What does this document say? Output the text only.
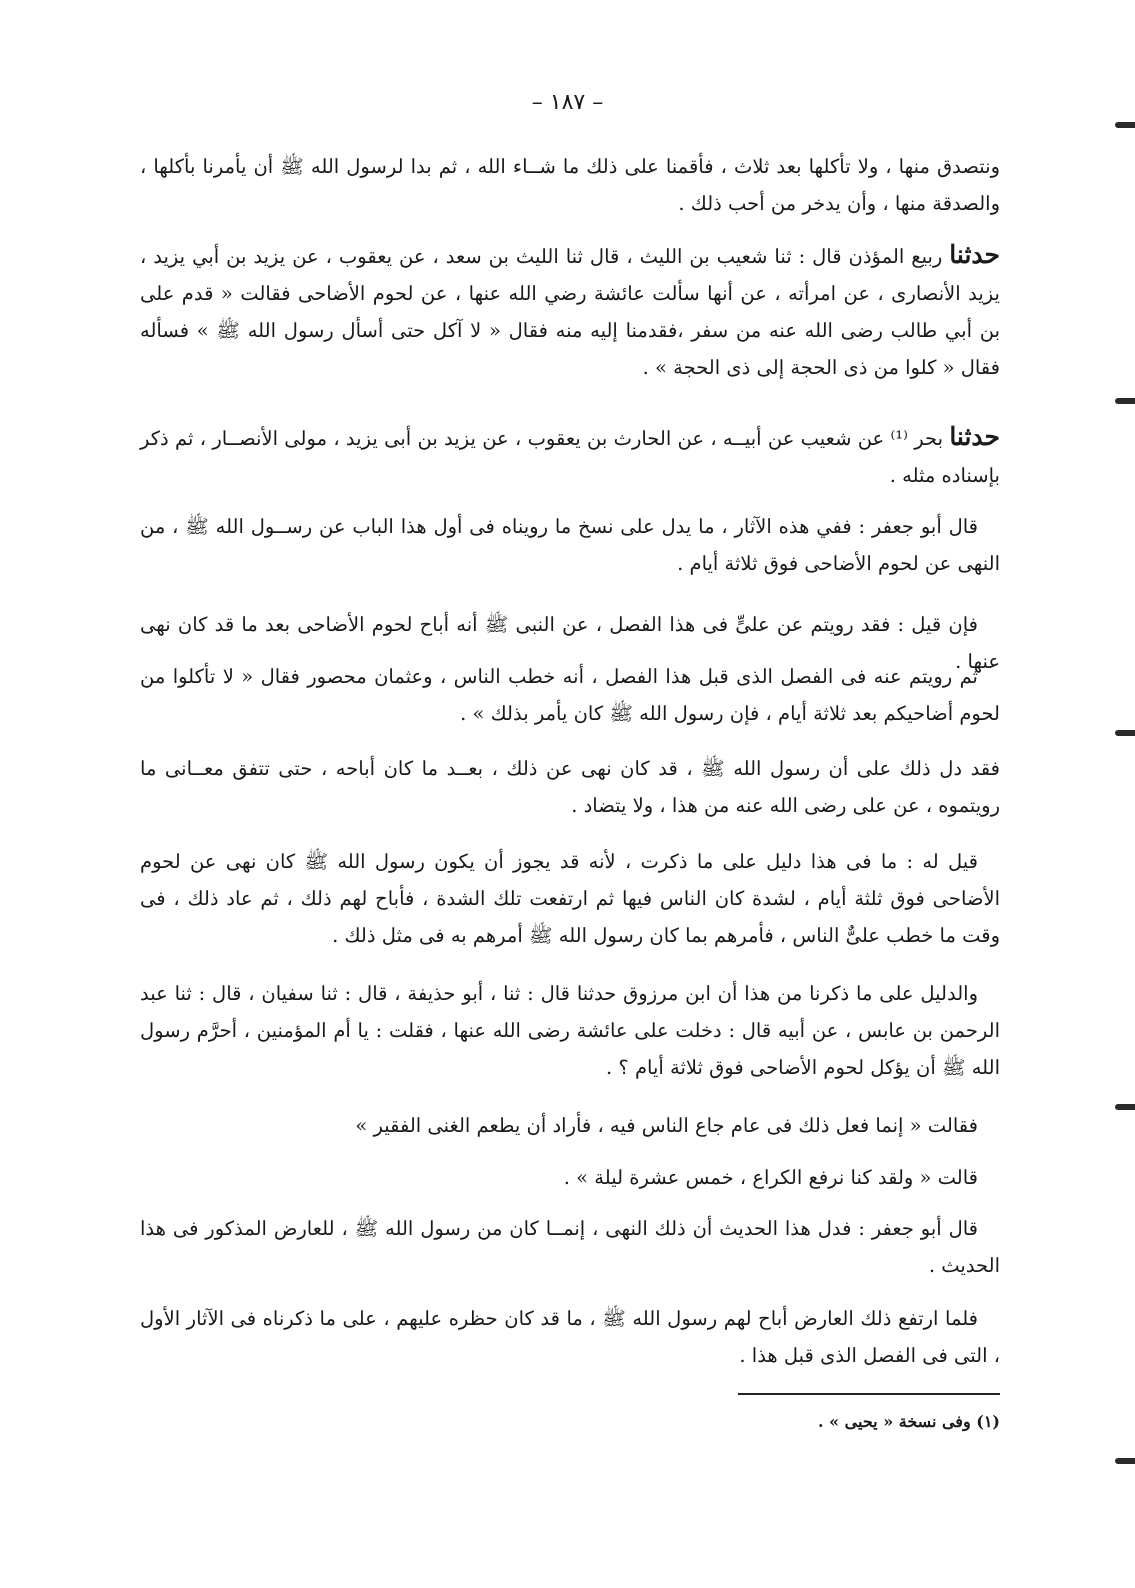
– ١٨٧ –

ونتصدق منها ، ولا تأكلها بعد ثلاث ، فأقمنا على ذلك ما شــاء الله ، ثم بدا لرسول الله ﷺ أن يأمرنا بأكلها ، والصدقة منها ، وأن يدخر من أحب ذلك .

حدثنا ربيع المؤذن قال : ثنا شعيب بن الليث ، قال ثنا الليث بن سعد ، عن يعقوب ، عن يزيد بن أبي يزيد ، يزيد الأنصارى ، عن امرأته ، عن أنها سألت عائشة رضي الله عنها ، عن لحوم الأضاحى فقالت « قدم على بن أبي طالب رضى الله عنه من سفر ،فقدمنا إليه منه فقال « لا آكل حتى أسأل رسول الله ﷺ » فسأله فقال « كلوا من ذى الحجة إلى ذى الحجة » .

حدثنا بحر ⁽¹⁾ عن شعيب عن أبيــه ، عن الحارث بن يعقوب ، عن يزيد بن أبى يزيد ، مولى الأنصــار ، ثم ذكر بإسناده مثله .

قال أبو جعفر : ففي هذه الآثار ، ما يدل على نسخ ما رويناه فى أول هذا الباب عن رســول الله ﷺ ، من النهى عن لحوم الأضاحى فوق ثلاثة أيام .

فإن قيل : فقد رويتم عن علىٍّ فى هذا الفصل ، عن النبى ﷺ أنه أباح لحوم الأضاحى بعد ما قد كان نهى عنها .

ثم رويتم عنه فى الفصل الذى قبل هذا الفصل ، أنه خطب الناس ، وعثمان محصور فقال « لا تأكلوا من لحوم أضاحيكم بعد ثلاثة أيام ، فإن رسول الله ﷺ كان يأمر بذلك » .

فقد دل ذلك على أن رسول الله ﷺ ، قد كان نهى عن ذلك ، بعــد ما كان أباحه ، حتى تتفق معــانى ما رويتموه ، عن على رضى الله عنه من هذا ، ولا يتضاد .

قيل له : ما فى هذا دليل على ما ذكرت ، لأنه قد يجوز أن يكون رسول الله ﷺ كان نهى عن لحوم الأضاحى فوق ثلثة أيام ، لشدة كان الناس فيها ثم ارتفعت تلك الشدة ، فأباح لهم ذلك ، ثم عاد ذلك ، فى وقت ما خطب علىٌّ الناس ، فأمرهم بما كان رسول الله ﷺ أمرهم به فى مثل ذلك .

والدليل على ما ذكرنا من هذا أن ابن مرزوق حدثنا قال : ثنا ، أبو حذيفة ، قال : ثنا سفيان ، قال : ثنا عبد الرحمن بن عابس ، عن أبيه قال : دخلت على عائشة رضى الله عنها ، فقلت : يا أم المؤمنين ، أحرَّم رسول الله ﷺ أن يؤكل لحوم الأضاحى فوق ثلاثة أيام ؟ .

فقالت « إنما فعل ذلك فى عام جاع الناس فيه ، فأراد أن يطعم الغنى الفقير »

قالت « ولقد كنا نرفع الكراع ، خمس عشرة ليلة » .

قال أبو جعفر : فدل هذا الحديث أن ذلك النهى ، إنمــا كان من رسول الله ﷺ ، للعارض المذكور فى هذا الحديث .

فلما ارتفع ذلك العارض أباح لهم رسول الله ﷺ ، ما قد كان حظره عليهم ، على ما ذكرناه فى الآثار الأول ، التى فى الفصل الذى قبل هذا .

(١) وفى نسخة « يحيى » .
